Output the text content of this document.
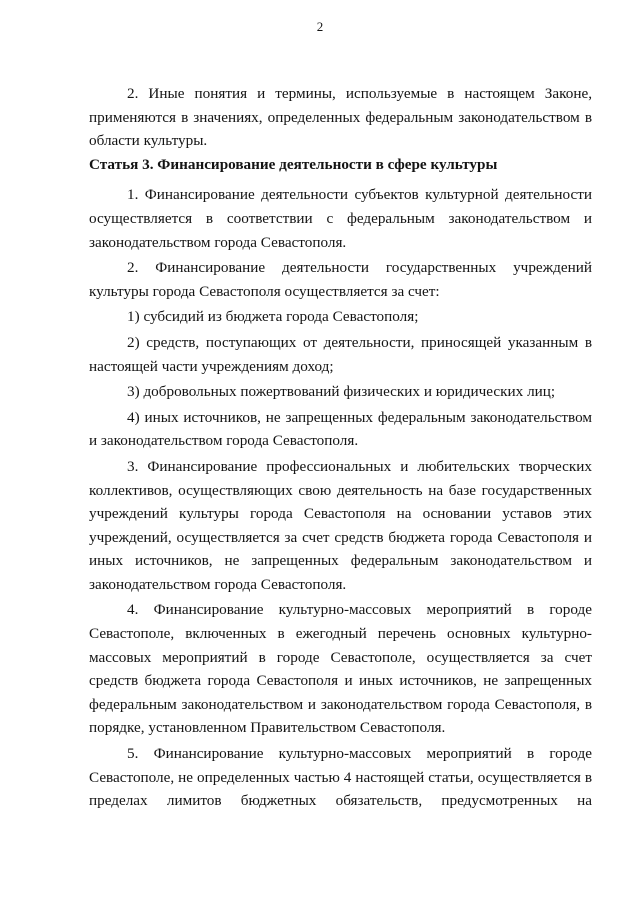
2

2. Иные понятия и термины, используемые в настоящем Законе, применяются в значениях, определенных федеральным законодательством в области культуры.

Статья 3. Финансирование деятельности в сфере культуры

1. Финансирование деятельности субъектов культурной деятельности осуществляется в соответствии с федеральным законодательством и законодательством города Севастополя.

2. Финансирование деятельности государственных учреждений культуры города Севастополя осуществляется за счет:

1) субсидий из бюджета города Севастополя;

2) средств, поступающих от деятельности, приносящей указанным в настоящей части учреждениям доход;

3) добровольных пожертвований физических и юридических лиц;

4) иных источников, не запрещенных федеральным законодательством и законодательством города Севастополя.

3. Финансирование профессиональных и любительских творческих коллективов, осуществляющих свою деятельность на базе государственных учреждений культуры города Севастополя на основании уставов этих учреждений, осуществляется за счет средств бюджета города Севастополя и иных источников, не запрещенных федеральным законодательством и законодательством города Севастополя.

4. Финансирование культурно-массовых мероприятий в городе Севастополе, включенных в ежегодный перечень основных культурно-массовых мероприятий в городе Севастополе, осуществляется за счет средств бюджета города Севастополя и иных источников, не запрещенных федеральным законодательством и законодательством города Севастополя, в порядке, установленном Правительством Севастополя.

5. Финансирование культурно-массовых мероприятий в городе Севастополе, не определенных частью 4 настоящей статьи, осуществляется в пределах лимитов бюджетных обязательств, предусмотренных на
